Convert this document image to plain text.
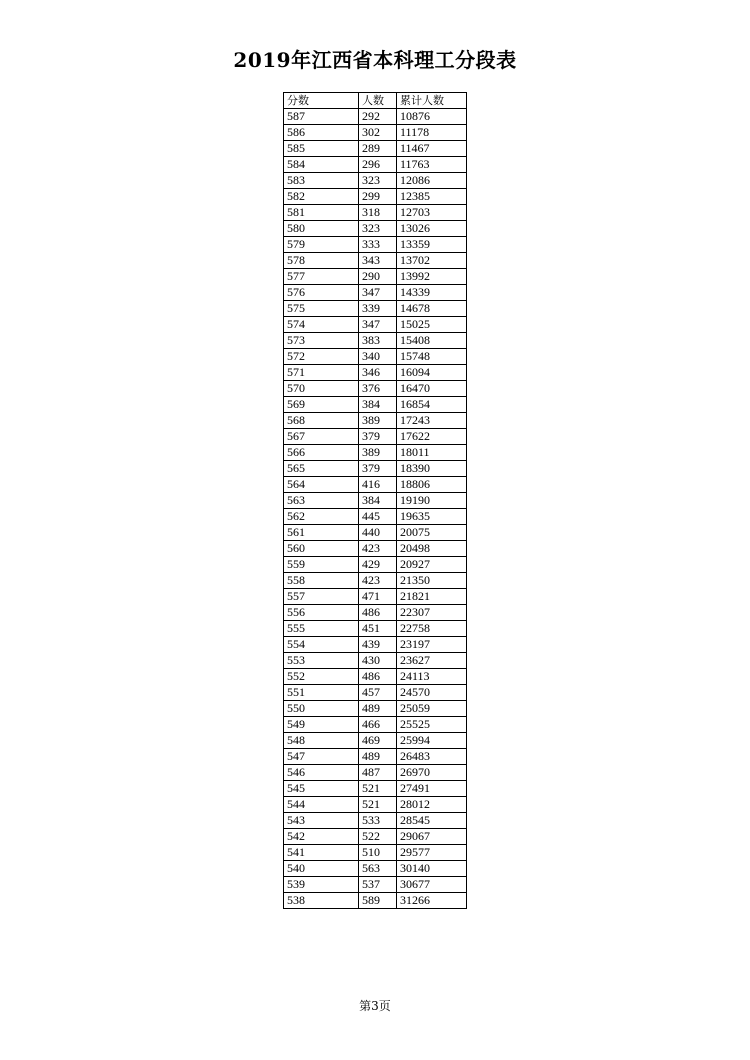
2019年江西省本科理工分段表
分数	人数	累计人数
587	292	10876
586	302	11178
585	289	11467
584	296	11763
583	323	12086
582	299	12385
581	318	12703
580	323	13026
579	333	13359
578	343	13702
577	290	13992
576	347	14339
575	339	14678
574	347	15025
573	383	15408
572	340	15748
571	346	16094
570	376	16470
569	384	16854
568	389	17243
567	379	17622
566	389	18011
565	379	18390
564	416	18806
563	384	19190
562	445	19635
561	440	20075
560	423	20498
559	429	20927
558	423	21350
557	471	21821
556	486	22307
555	451	22758
554	439	23197
553	430	23627
552	486	24113
551	457	24570
550	489	25059
549	466	25525
548	469	25994
547	489	26483
546	487	26970
545	521	27491
544	521	28012
543	533	28545
542	522	29067
541	510	29577
540	563	30140
539	537	30677
538	589	31266
第3页
